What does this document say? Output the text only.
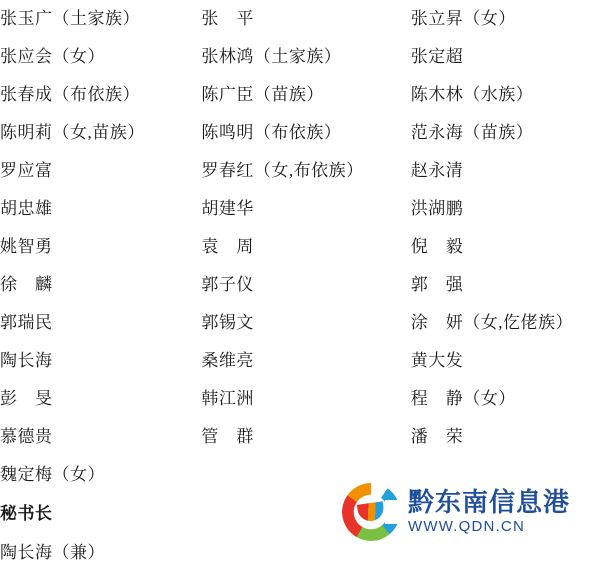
张玉广（土家族）	张　平	张立昇（女）
张应会（女）	张林鸿（土家族）	张定超
张春成（布依族）	陈广臣（苗族）	陈木林（水族）
陈明莉（女,苗族）	陈鸣明（布依族）	范永海（苗族）
罗应富	罗春红（女,布依族）	赵永清
胡忠雄	胡建华	洪湖鹏
姚智勇	袁　周	倪　毅
徐　麟	郭子仪	郭　强
郭瑞民	郭锡文	涂　妍（女,仡佬族）
陶长海	桑维亮	黄大发
彭　旻	韩江洲	程　静（女）
慕德贵	管　群	潘　荣
魏定梅（女）		
秘书长		
陶长海（兼）		
黔东南信息港
WWW.QDN.CN
